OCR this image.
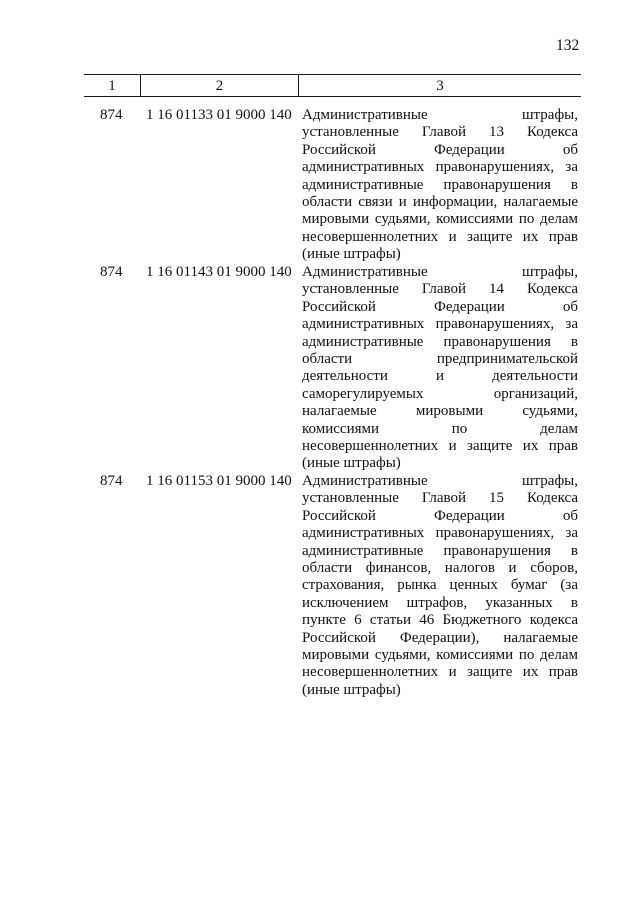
132
1	2	3
874 1 16 01133 01 9000 140 Административные штрафы,
установленные Главой 13 Кодекса
Российской Федерации об
административных правонарушениях, за
административные правонарушения в
области связи и информации, налагаемые
мировыми судьями, комиссиями по делам
несовершеннолетних и защите их прав
(иные штрафы)
874 1 16 01143 01 9000 140 Административные штрафы,
установленные Главой 14 Кодекса
Российской Федерации об
административных правонарушениях, за
административные правонарушения в
области предпринимательской
деятельности и деятельности
саморегулируемых организаций,
налагаемые мировыми судьями,
комиссиями по делам
несовершеннолетних и защите их прав
(иные штрафы)
874 1 16 01153 01 9000 140 Административные штрафы,
установленные Главой 15 Кодекса
Российской Федерации об
административных правонарушениях, за
административные правонарушения в
области финансов, налогов и сборов,
страхования, рынка ценных бумаг (за
исключением штрафов, указанных в
пункте 6 статьи 46 Бюджетного кодекса
Российской Федерации), налагаемые
мировыми судьями, комиссиями по делам
несовершеннолетних и защите их прав
(иные штрафы)
